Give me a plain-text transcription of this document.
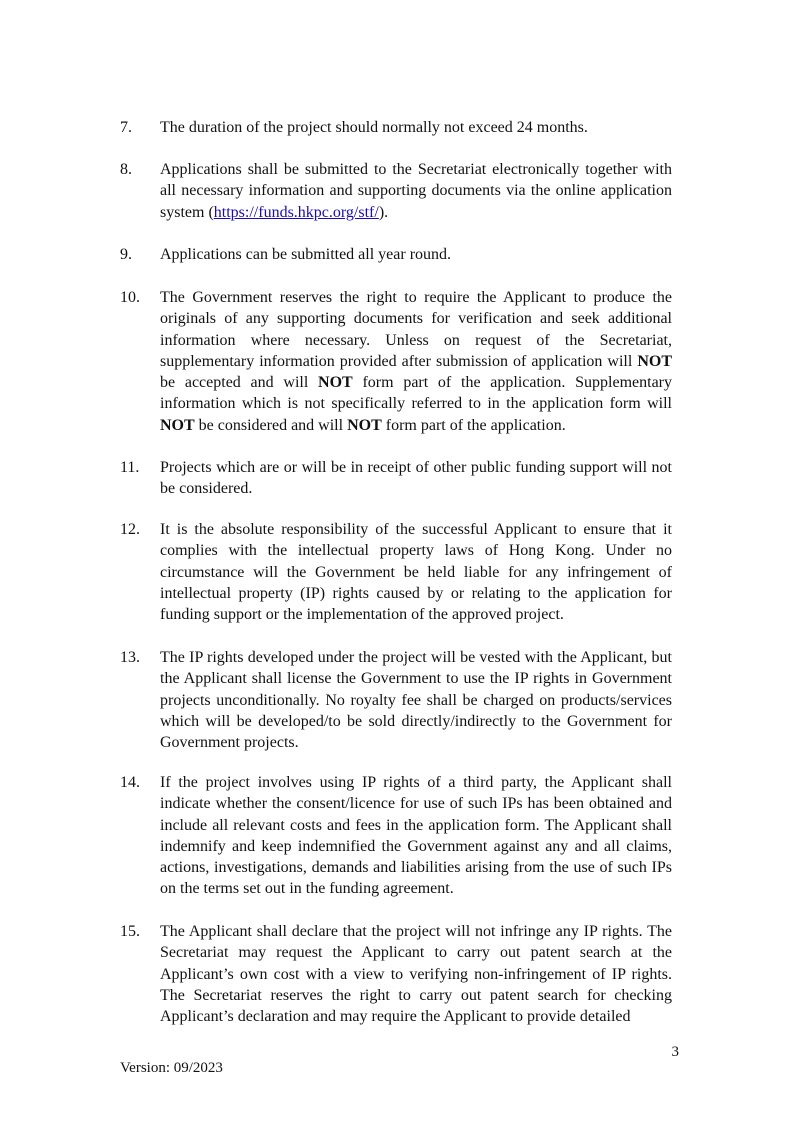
7.	The duration of the project should normally not exceed 24 months.
8.	Applications shall be submitted to the Secretariat electronically together with all necessary information and supporting documents via the online application system (https://funds.hkpc.org/stf/).
9.	Applications can be submitted all year round.
10.	The Government reserves the right to require the Applicant to produce the originals of any supporting documents for verification and seek additional information where necessary. Unless on request of the Secretariat, supplementary information provided after submission of application will NOT be accepted and will NOT form part of the application. Supplementary information which is not specifically referred to in the application form will NOT be considered and will NOT form part of the application.
11.	Projects which are or will be in receipt of other public funding support will not be considered.
12.	It is the absolute responsibility of the successful Applicant to ensure that it complies with the intellectual property laws of Hong Kong. Under no circumstance will the Government be held liable for any infringement of intellectual property (IP) rights caused by or relating to the application for funding support or the implementation of the approved project.
13.	The IP rights developed under the project will be vested with the Applicant, but the Applicant shall license the Government to use the IP rights in Government projects unconditionally. No royalty fee shall be charged on products/services which will be developed/to be sold directly/indirectly to the Government for Government projects.
14.	If the project involves using IP rights of a third party, the Applicant shall indicate whether the consent/licence for use of such IPs has been obtained and include all relevant costs and fees in the application form. The Applicant shall indemnify and keep indemnified the Government against any and all claims, actions, investigations, demands and liabilities arising from the use of such IPs on the terms set out in the funding agreement.
15.	The Applicant shall declare that the project will not infringe any IP rights. The Secretariat may request the Applicant to carry out patent search at the Applicant’s own cost with a view to verifying non-infringement of IP rights. The Secretariat reserves the right to carry out patent search for checking Applicant’s declaration and may require the Applicant to provide detailed
3
Version: 09/2023
